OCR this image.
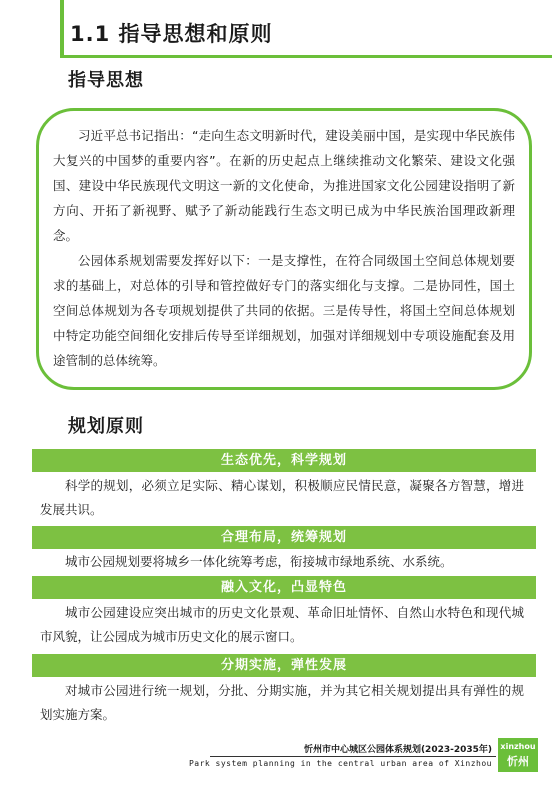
1.1 指导思想和原则
指导思想

习近平总书记指出：“走向生态文明新时代，建设美丽中国，是实现中华民族伟大复兴的中国梦的重要内容”。在新的历史起点上继续推动文化繁荣、建设文化强国、建设中华民族现代文明这一新的文化使命，为推进国家文化公园建设指明了新方向、开拓了新视野、赋予了新动能践行生态文明已成为中华民族治国理政新理念。

公园体系规划需要发挥好以下：一是支撑性，在符合同级国土空间总体规划要求的基础上，对总体的引导和管控做好专门的落实细化与支撑。二是协同性，国土空间总体规划为各专项规划提供了共同的依据。三是传导性，将国土空间总体规划中特定功能空间细化安排后传导至详细规划，加强对详细规划中专项设施配套及用途管制的总体统筹。

规划原则
生态优先，科学规划

科学的规划，必须立足实际、精心谋划，积极顺应民情民意，凝聚各方智慧，增进发展共识。

合理布局，统筹规划

城市公园规划要将城乡一体化统筹考虑，衔接城市绿地系统、水系统。

融入文化，凸显特色

城市公园建设应突出城市的历史文化景观、革命旧址情怀、自然山水特色和现代城市风貌，让公园成为城市历史文化的展示窗口。

分期实施，弹性发展

对城市公园进行统一规划，分批、分期实施，并为其它相关规划提出具有弹性的规划实施方案。

忻州市中心城区公园体系规划(2023-2035年)
Park system planning in the central urban area of Xinzhou
xinzhou
忻州
